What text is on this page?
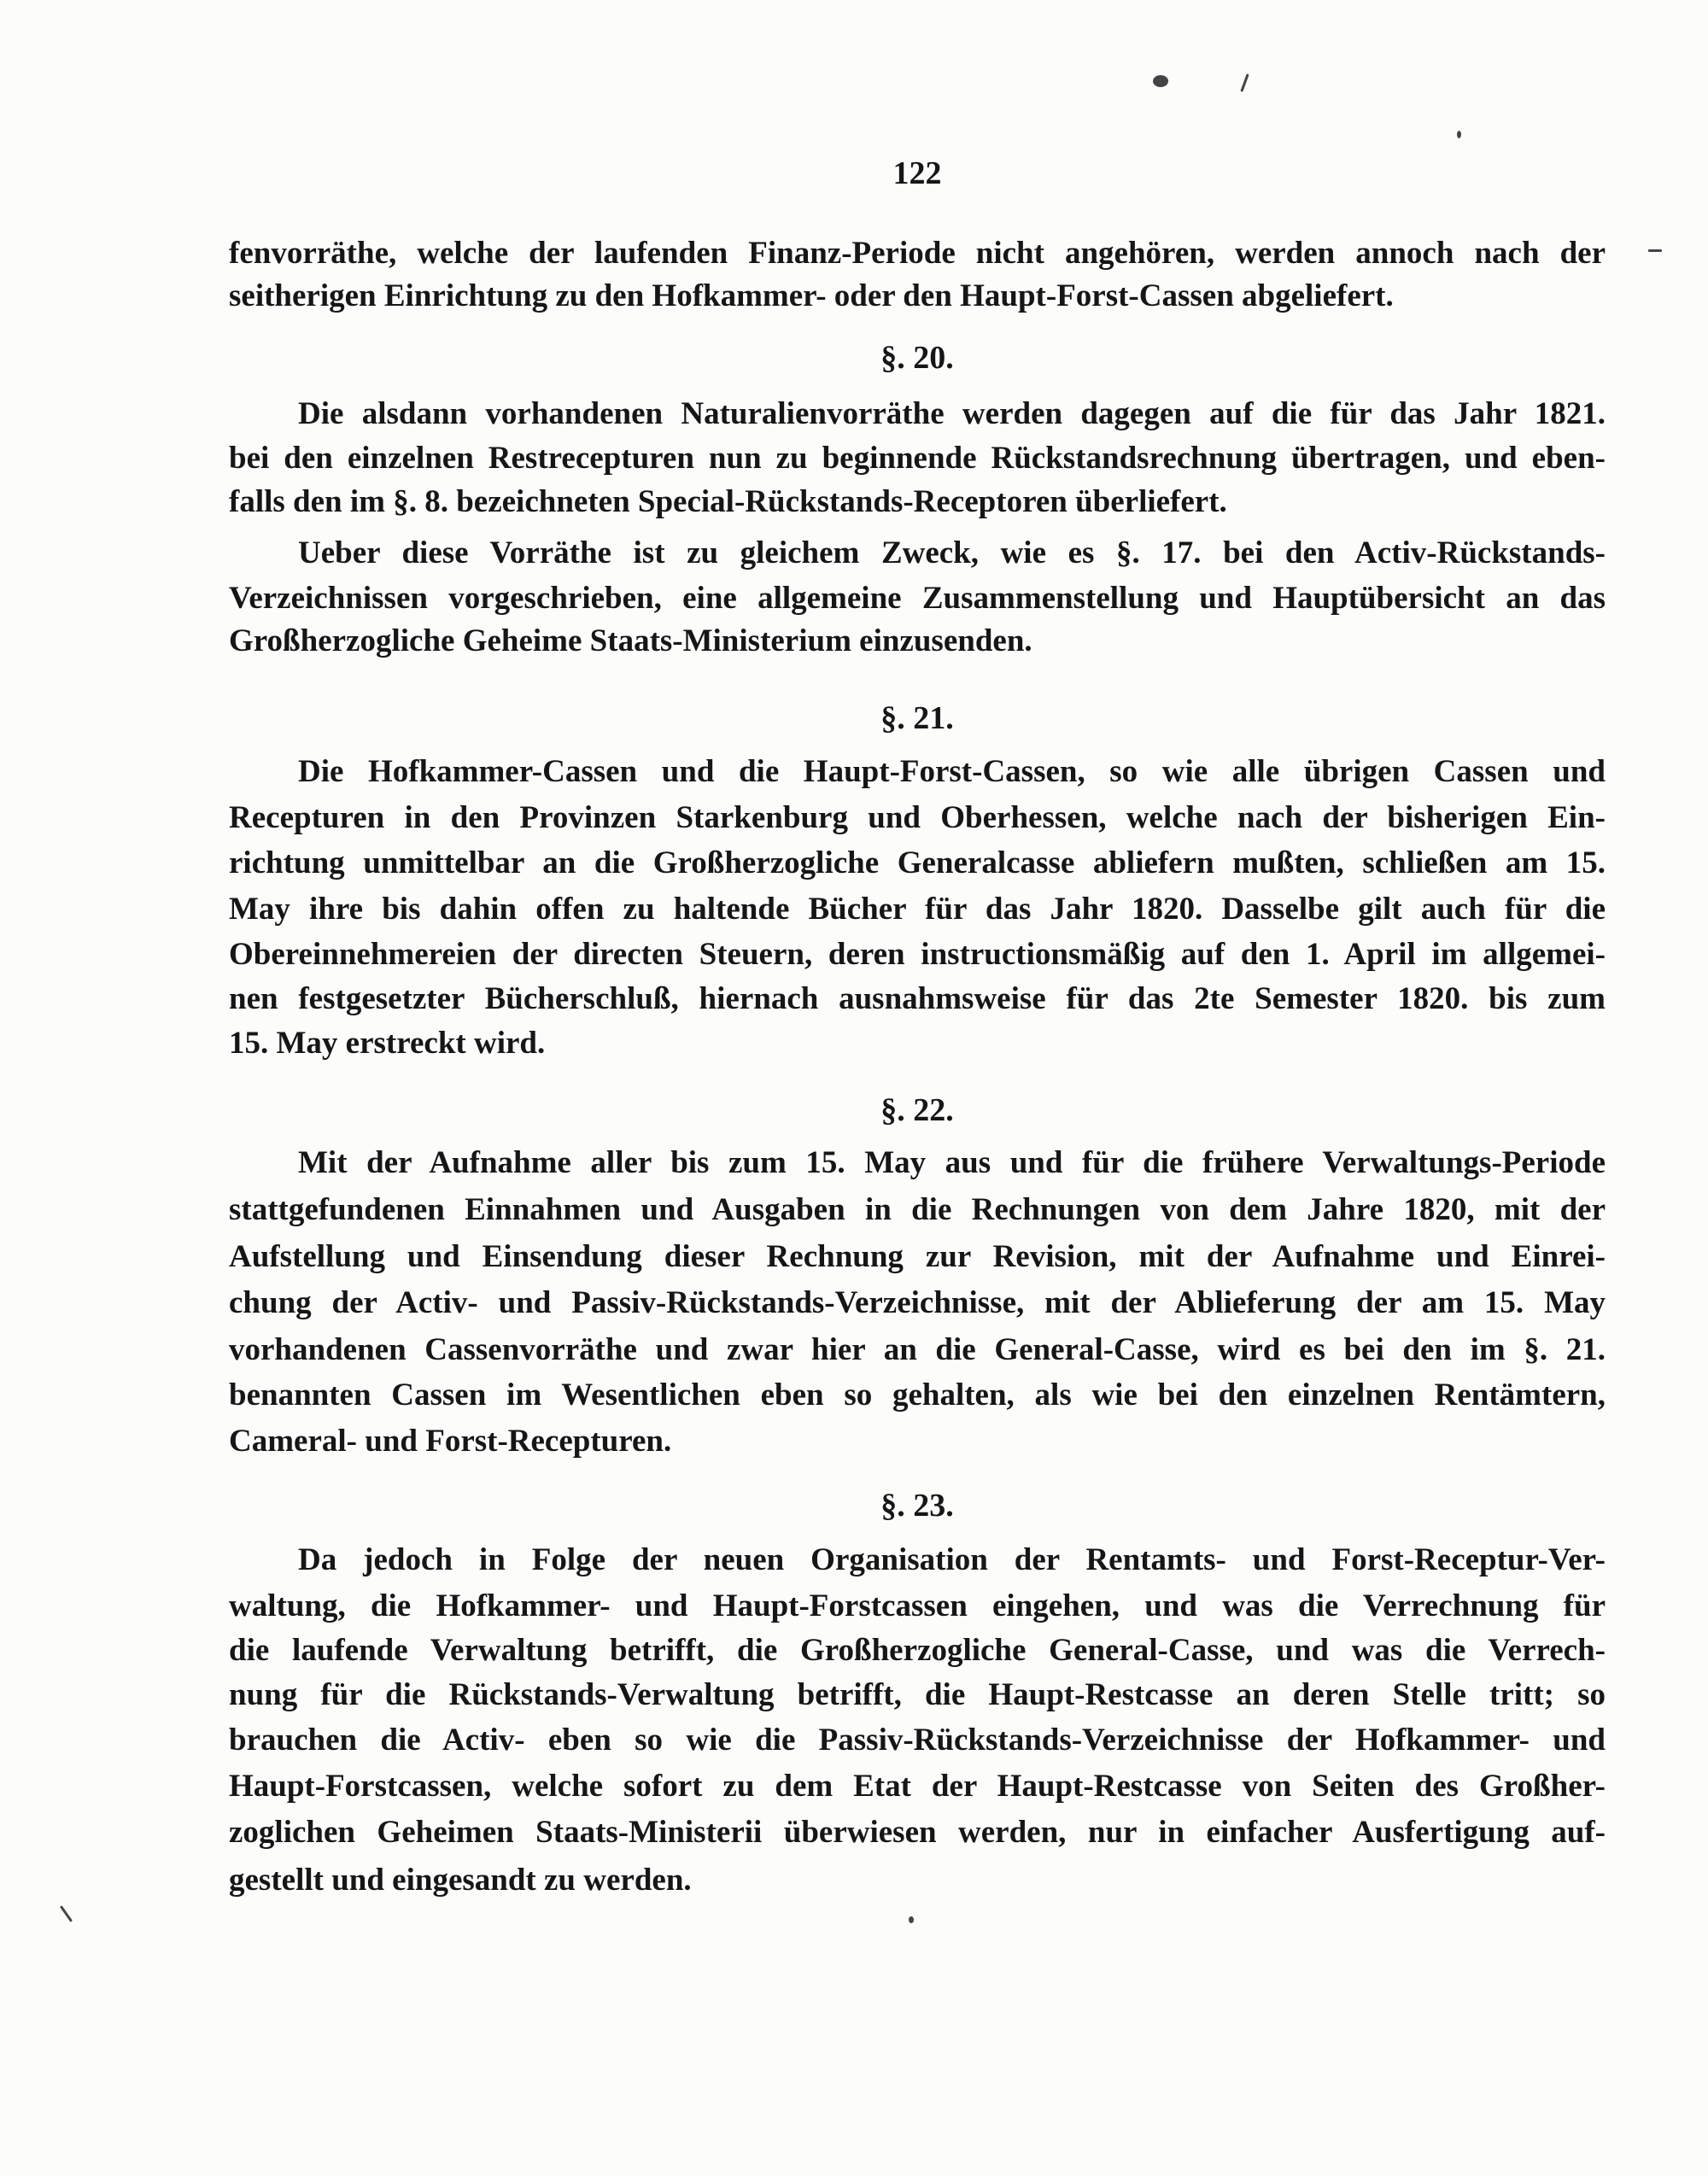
122
fenvorräthe, welche der laufenden Finanz-Periode nicht angehören, werden annoch nach der
seitherigen Einrichtung zu den Hofkammer- oder den Haupt-Forst-Cassen abgeliefert.
§. 20.
Die alsdann vorhandenen Naturalienvorräthe werden dagegen auf die für das Jahr 1821.
bei den einzelnen Restrecepturen nun zu beginnende Rückstandsrechnung übertragen, und eben-
falls den im §. 8. bezeichneten Special-Rückstands-Receptoren überliefert.
Ueber diese Vorräthe ist zu gleichem Zweck, wie es §. 17. bei den Activ-Rückstands-
Verzeichnissen vorgeschrieben, eine allgemeine Zusammenstellung und Hauptübersicht an das
Großherzogliche Geheime Staats-Ministerium einzusenden.
§. 21.
Die Hofkammer-Cassen und die Haupt-Forst-Cassen, so wie alle übrigen Cassen und
Recepturen in den Provinzen Starkenburg und Oberhessen, welche nach der bisherigen Ein-
richtung unmittelbar an die Großherzogliche Generalcasse abliefern mußten, schließen am 15.
May ihre bis dahin offen zu haltende Bücher für das Jahr 1820. Dasselbe gilt auch für die
Obereinnehmereien der directen Steuern, deren instructionsmäßig auf den 1. April im allgemei-
nen festgesetzter Bücherschluß, hiernach ausnahmsweise für das 2te Semester 1820. bis zum
15. May erstreckt wird.
§. 22.
Mit der Aufnahme aller bis zum 15. May aus und für die frühere Verwaltungs-Periode
stattgefundenen Einnahmen und Ausgaben in die Rechnungen von dem Jahre 1820, mit der
Aufstellung und Einsendung dieser Rechnung zur Revision, mit der Aufnahme und Einrei-
chung der Activ- und Passiv-Rückstands-Verzeichnisse, mit der Ablieferung der am 15. May
vorhandenen Cassenvorräthe und zwar hier an die General-Casse, wird es bei den im §. 21.
benannten Cassen im Wesentlichen eben so gehalten, als wie bei den einzelnen Rentämtern,
Cameral- und Forst-Recepturen.
§. 23.
Da jedoch in Folge der neuen Organisation der Rentamts- und Forst-Receptur-Ver-
waltung, die Hofkammer- und Haupt-Forstcassen eingehen, und was die Verrechnung für
die laufende Verwaltung betrifft, die Großherzogliche General-Casse, und was die Verrech-
nung für die Rückstands-Verwaltung betrifft, die Haupt-Restcasse an deren Stelle tritt; so
brauchen die Activ- eben so wie die Passiv-Rückstands-Verzeichnisse der Hofkammer- und
Haupt-Forstcassen, welche sofort zu dem Etat der Haupt-Restcasse von Seiten des Großher-
zoglichen Geheimen Staats-Ministerii überwiesen werden, nur in einfacher Ausfertigung auf-
gestellt und eingesandt zu werden.
